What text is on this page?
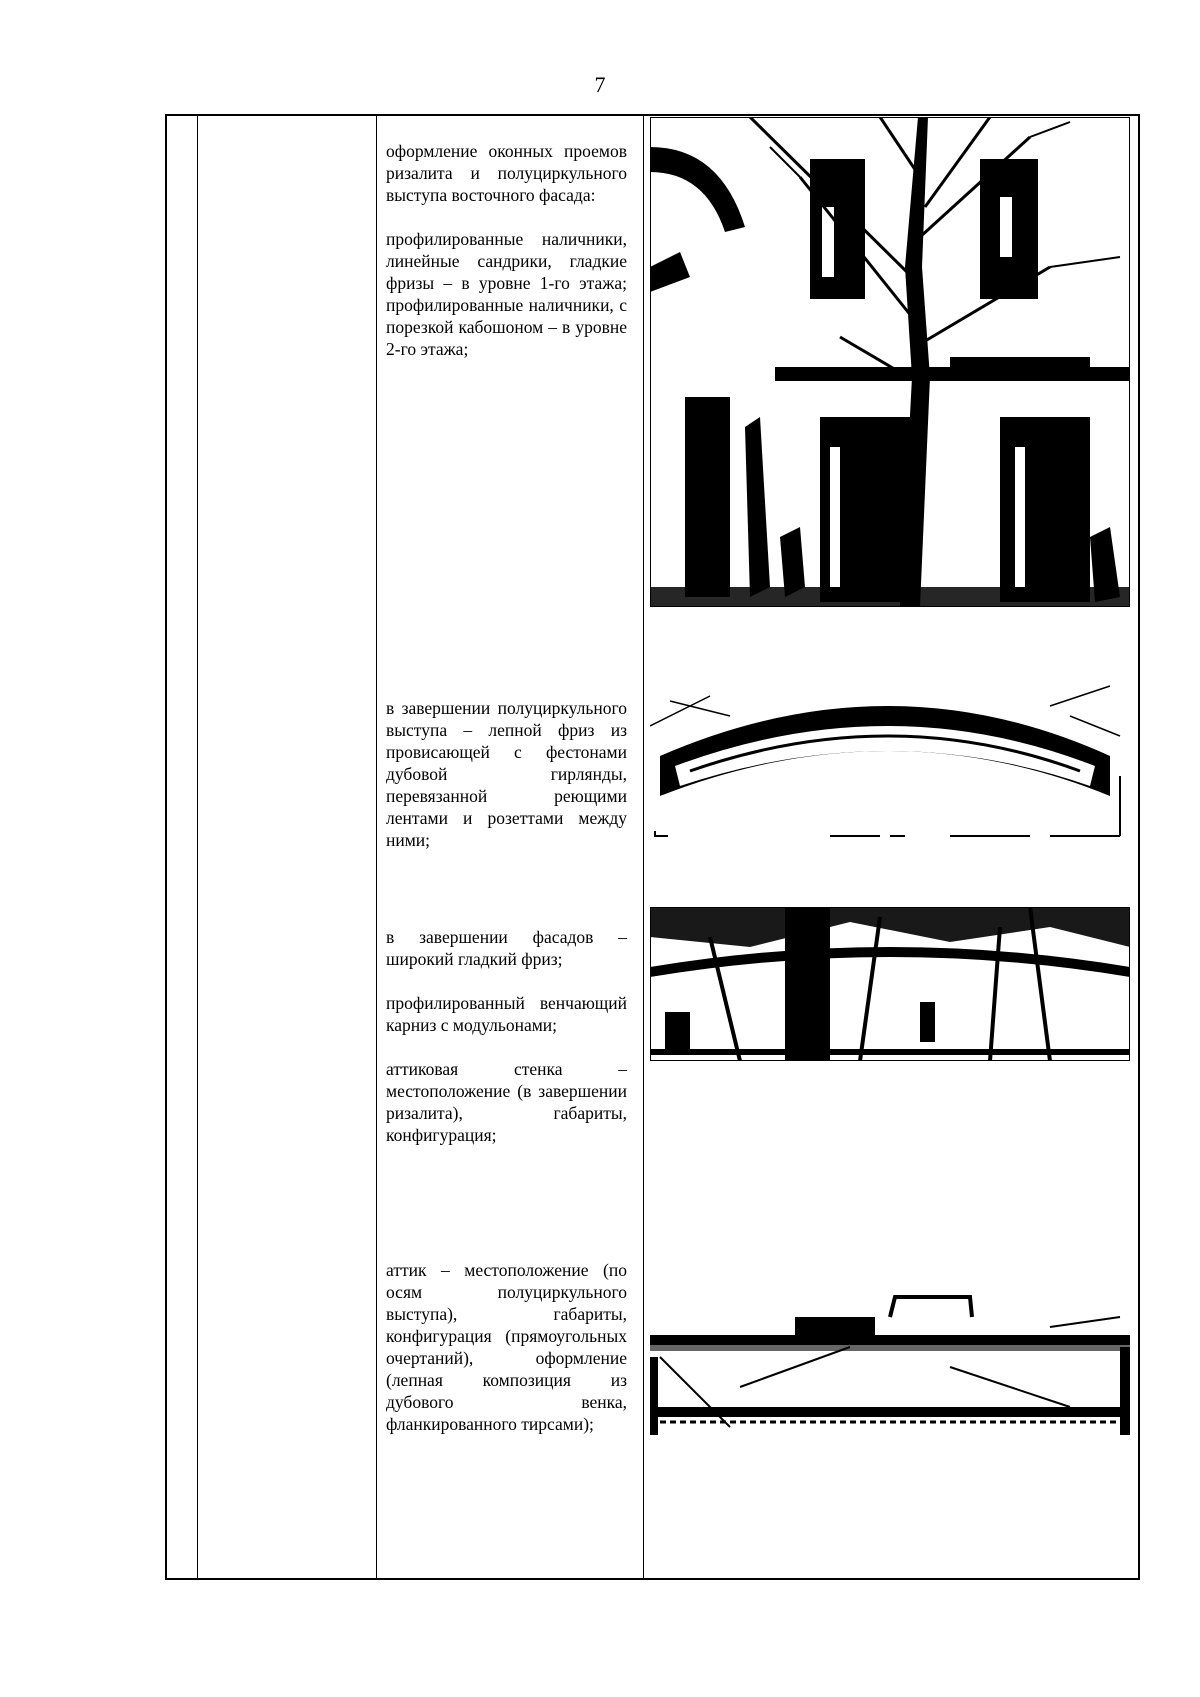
7

оформление оконных проемов ризалита и полуциркульного выступа восточного фасада:

профилированные наличники, линейные сандрики, гладкие фризы – в уровне 1-го этажа; профилированные наличники, с порезкой кабошоном – в уровне 2-го этажа;

в завершении полуциркульного выступа – лепной фриз из провисающей с фестонами дубовой гирлянды, перевязанной реющими лентами и розеттами между ними;

в завершении фасадов – широкий гладкий фриз;

профилированный венчающий карниз с модульонами;

аттиковая стенка – местоположение (в завершении ризалита), габариты, конфигурация;

аттик – местоположение (по осям полуциркульного выступа), габариты, конфигурация (прямоугольных очертаний), оформление (лепная композиция из дубового венка, фланкированного тирсами);
